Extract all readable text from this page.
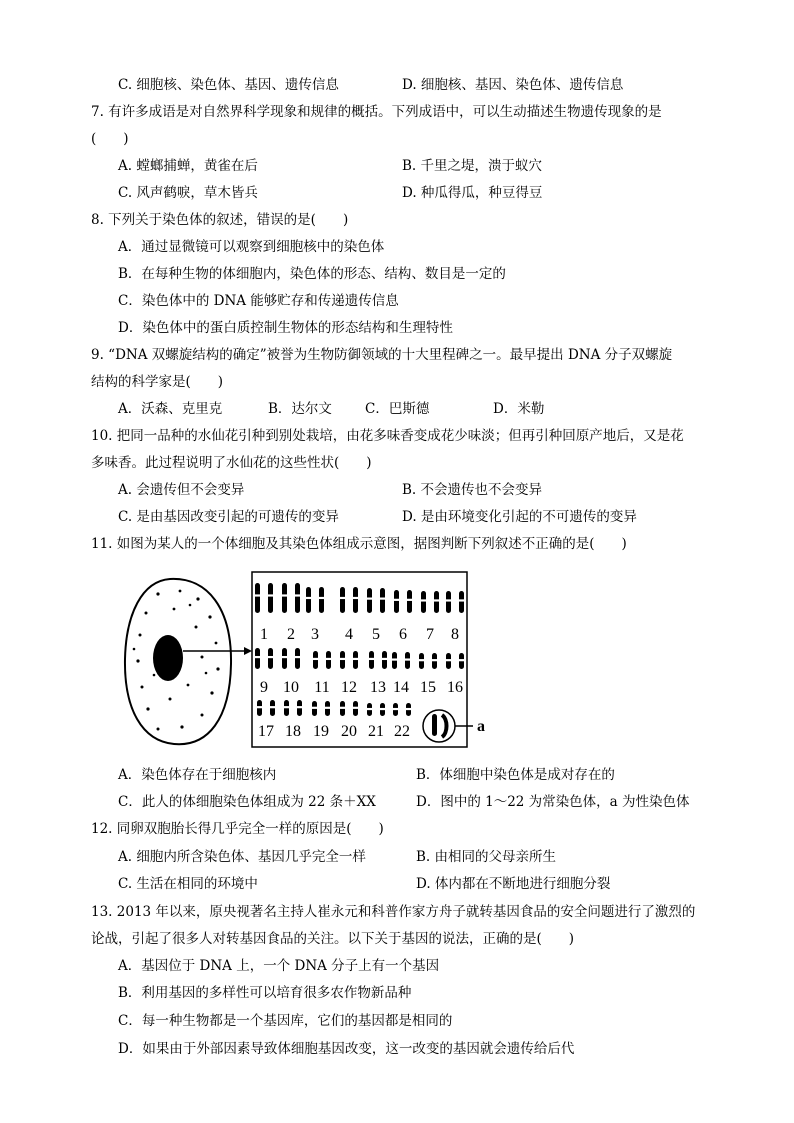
C. 细胞核、染色体、基因、遗传信息	D. 细胞核、基因、染色体、遗传信息
7. 有许多成语是对自然界科学现象和规律的概括。下列成语中，可以生动描述生物遗传现象的是
(　　)
A. 螳螂捕蝉，黄雀在后	B. 千里之堤，溃于蚁穴
C. 风声鹤唳，草木皆兵	D. 种瓜得瓜，种豆得豆
8. 下列关于染色体的叙述，错误的是(　　)
A．通过显微镜可以观察到细胞核中的染色体
B．在每种生物的体细胞内，染色体的形态、结构、数目是一定的
C．染色体中的 DNA 能够贮存和传递遗传信息
D．染色体中的蛋白质控制生物体的形态结构和生理特性
9. “DNA 双螺旋结构的确定”被誉为生物防御领域的十大里程碑之一。最早提出 DNA 分子双螺旋
结构的科学家是(　　)
A．沃森、克里克	B．达尔文 C．巴斯德	D．米勒
10. 把同一品种的水仙花引种到别处栽培，由花多味香变成花少味淡；但再引种回原产地后，又是花
多味香。此过程说明了水仙花的这些性状(　　)
A. 会遗传但不会变异	B. 不会遗传也不会变异
C. 是由基因改变引起的可遗传的变异	D. 是由环境变化引起的不可遗传的变异
11. 如图为某人的一个体细胞及其染色体组成示意图，据图判断下列叙述不正确的是(　　)
1 2 3 4 5 6 7 8
9 10 11 12 13 14 15 16
17 18 19 20 21 22	a
A．染色体存在于细胞核内	B．体细胞中染色体是成对存在的
C．此人的体细胞染色体组成为 22 条＋XX	D．图中的 1～22 为常染色体，a 为性染色体
12. 同卵双胞胎长得几乎完全一样的原因是(　　)
A. 细胞内所含染色体、基因几乎完全一样	B. 由相同的父母亲所生
C. 生活在相同的环境中	D. 体内都在不断地进行细胞分裂
13. 2013 年以来，原央视著名主持人崔永元和科普作家方舟子就转基因食品的安全问题进行了激烈的
论战，引起了很多人对转基因食品的关注。以下关于基因的说法，正确的是(　　)
A．基因位于 DNA 上，一个 DNA 分子上有一个基因
B．利用基因的多样性可以培育很多农作物新品种
C．每一种生物都是一个基因库，它们的基因都是相同的
D．如果由于外部因素导致体细胞基因改变，这一改变的基因就会遗传给后代
